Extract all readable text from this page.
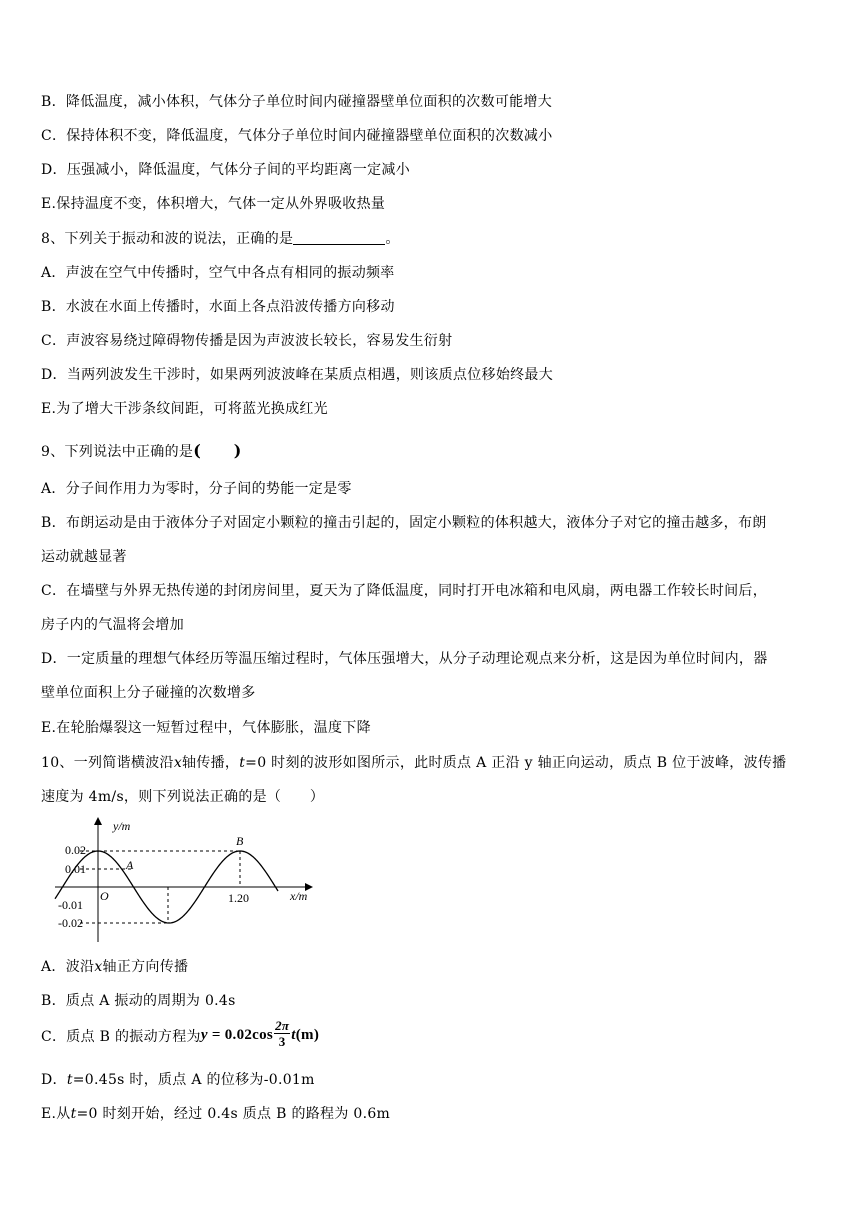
B．降低温度，减小体积，气体分子单位时间内碰撞器壁单位面积的次数可能增大
C．保持体积不变，降低温度，气体分子单位时间内碰撞器壁单位面积的次数减小
D．压强减小，降低温度，气体分子间的平均距离一定减小
E.保持温度不变，体积增大，气体一定从外界吸收热量
8、下列关于振动和波的说法，正确的是	。
A．声波在空气中传播时，空气中各点有相同的振动频率
B．水波在水面上传播时，水面上各点沿波传播方向移动
C．声波容易绕过障碍物传播是因为声波波长较长，容易发生衍射
D．当两列波发生干涉时，如果两列波波峰在某质点相遇，则该质点位移始终最大
E.为了增大干涉条纹间距，可将蓝光换成红光
9、下列说法中正确的是(　　)
A．分子间作用力为零时，分子间的势能一定是零
B．布朗运动是由于液体分子对固定小颗粒的撞击引起的，固定小颗粒的体积越大，液体分子对它的撞击越多，布朗
运动就越显著
C．在墙壁与外界无热传递的封闭房间里，夏天为了降低温度，同时打开电冰箱和电风扇，两电器工作较长时间后，
房子内的气温将会增加
D．一定质量的理想气体经历等温压缩过程时，气体压强增大，从分子动理论观点来分析，这是因为单位时间内，器
壁单位面积上分子碰撞的次数增多
E.在轮胎爆裂这一短暂过程中，气体膨胀，温度下降
10、一列简谐横波沿x轴传播，t=0 时刻的波形如图所示，此时质点 A 正沿 y 轴正向运动，质点 B 位于波峰，波传播
速度为 4m/s，则下列说法正确的是（　　）
y/m
x/m
O
0.02
0.01
-0.01
-0.02
1.20
A
B
A．波沿x轴正方向传播
B．质点 A 振动的周期为 0.4s
C．质点 B 的振动方程为$y = 0.02\cos \frac{2\pi}{3} t(m)$
D．t=0.45s 时，质点 A 的位移为-0.01m
E.从t=0 时刻开始，经过 0.4s 质点 B 的路程为 0.6m
